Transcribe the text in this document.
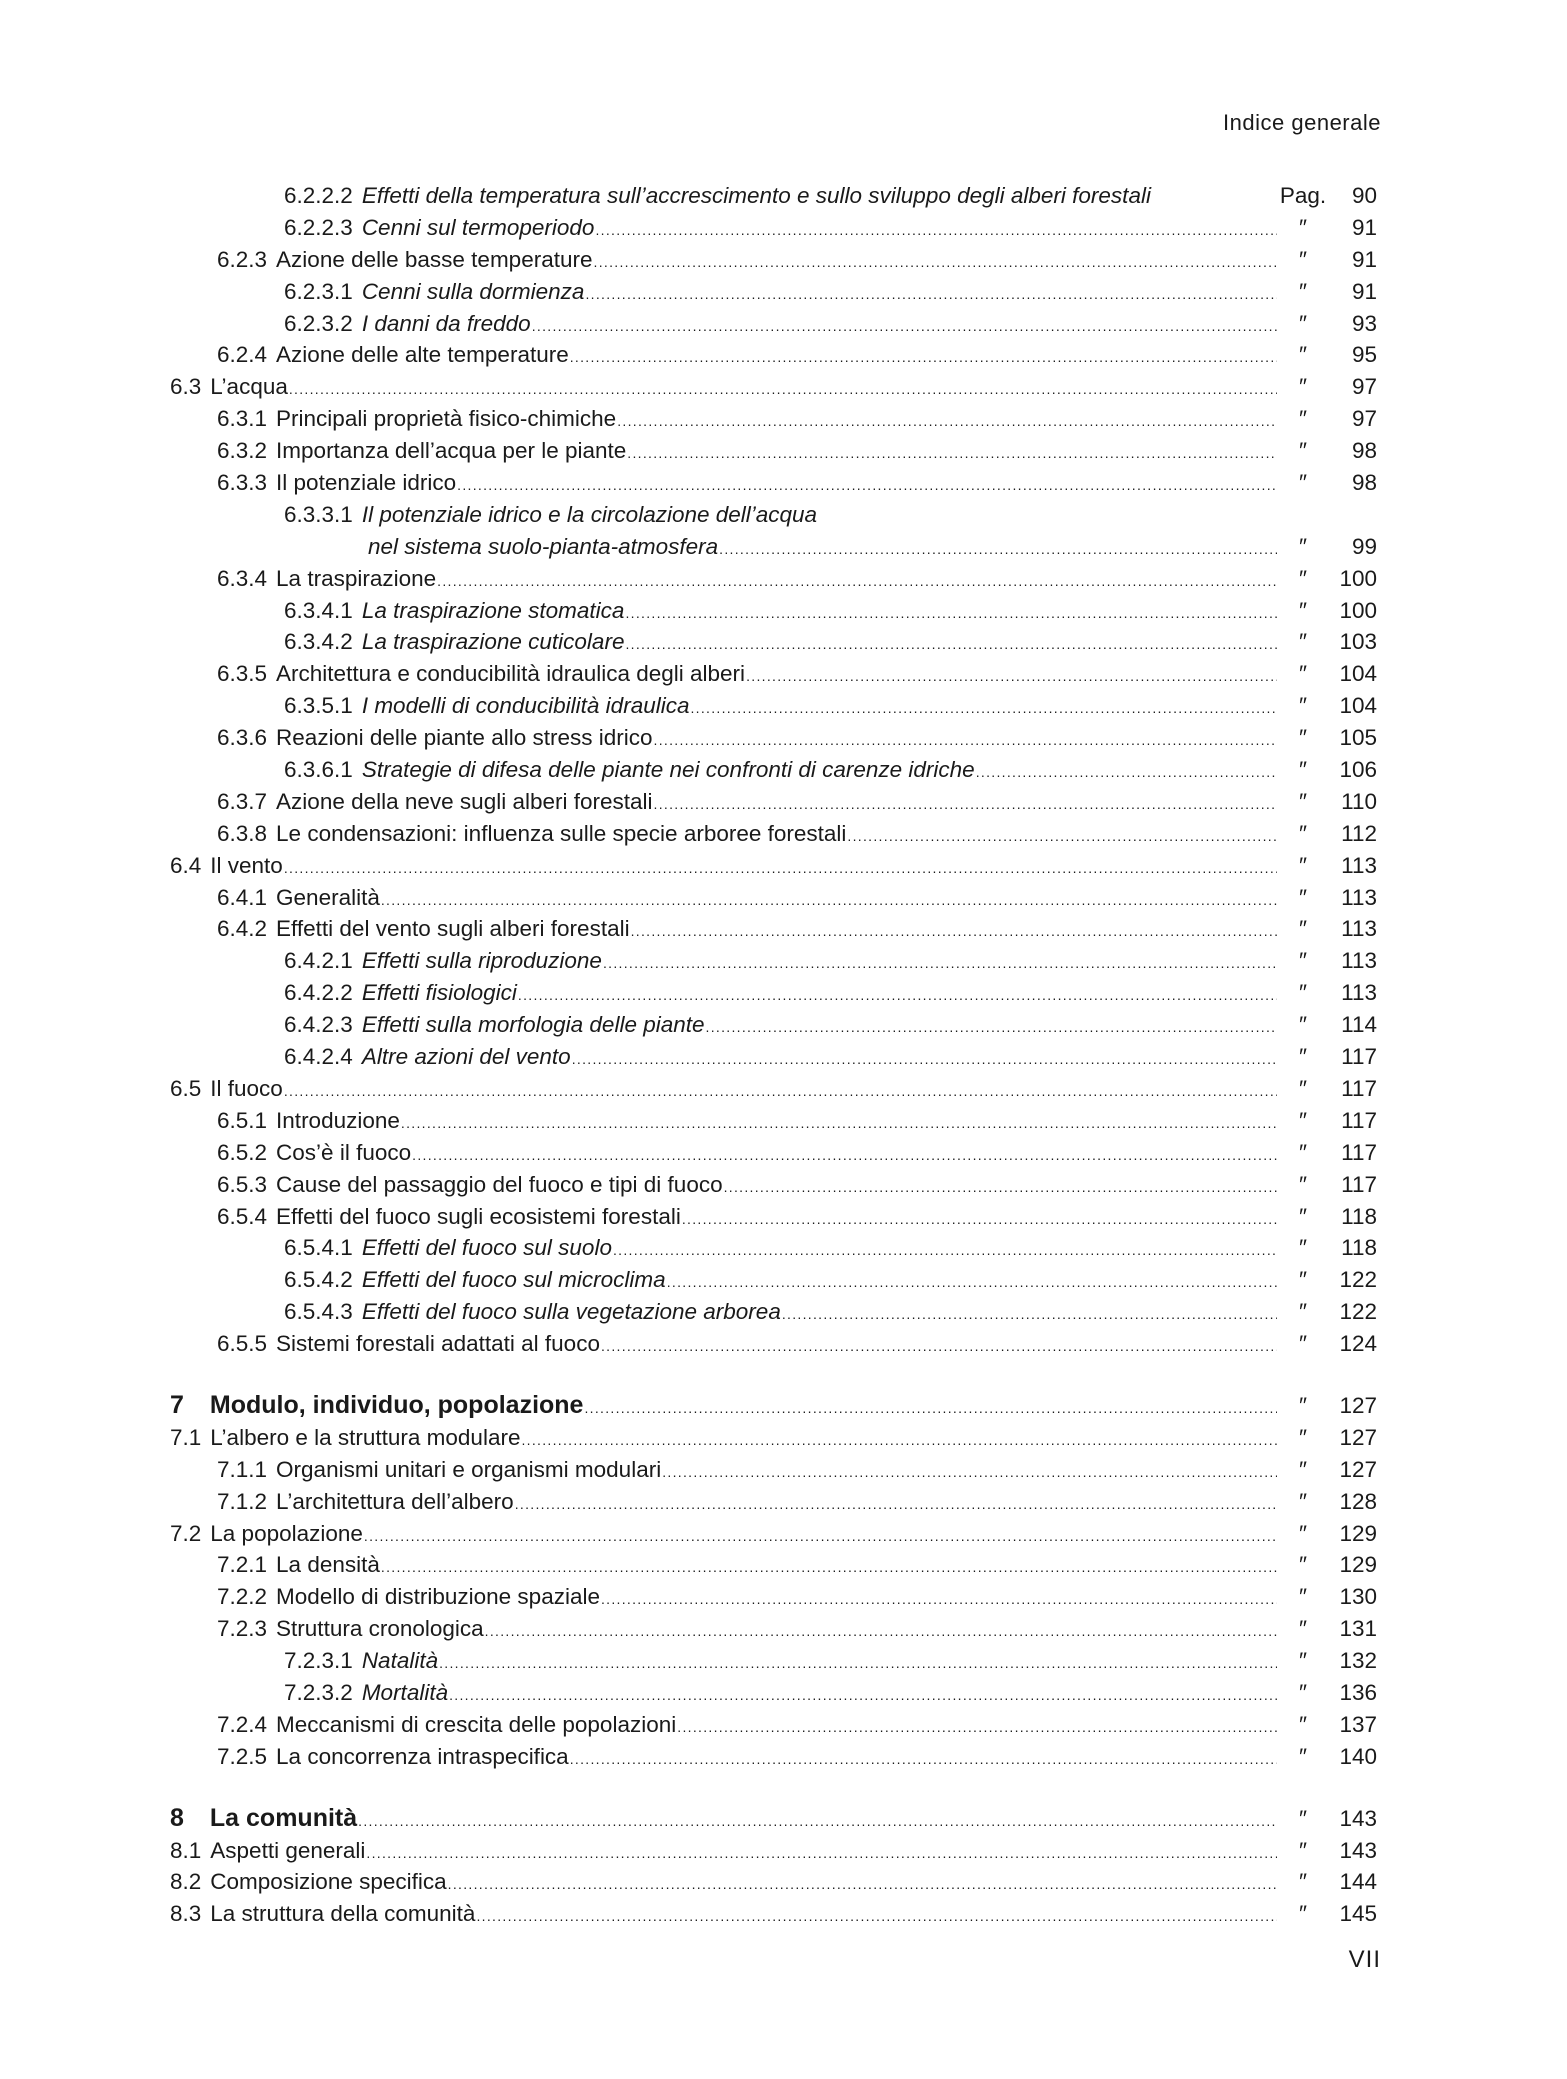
Indice generale
6.2.2.2 Effetti della temperatura sull’accrescimento e sullo sviluppo degli alberi forestali	Pag.	90
6.2.2.3 Cenni sul termoperiodo .....	″	91
6.2.3 Azione delle basse temperature .....	″	91
6.2.3.1 Cenni sulla dormienza .....	″	91
6.2.3.2 I danni da freddo .....	″	93
6.2.4 Azione delle alte temperature .....	″	95
6.3 L’acqua .....	″	97
6.3.1 Principali proprietà fisico-chimiche .....	″	97
6.3.2 Importanza dell’acqua per le piante .....	″	98
6.3.3 Il potenziale idrico .....	″	98
6.3.3.1 Il potenziale idrico e la circolazione dell’acqua
nel sistema suolo-pianta-atmosfera .....	″	99
6.3.4 La traspirazione .....	″	100
6.3.4.1 La traspirazione stomatica .....	″	100
6.3.4.2 La traspirazione cuticolare .....	″	103
6.3.5 Architettura e conducibilità idraulica degli alberi .....	″	104
6.3.5.1 I modelli di conducibilità idraulica .....	″	104
6.3.6 Reazioni delle piante allo stress idrico .....	″	105
6.3.6.1 Strategie di difesa delle piante nei confronti di carenze idriche .....	″	106
6.3.7 Azione della neve sugli alberi forestali .....	″	110
6.3.8 Le condensazioni: influenza sulle specie arboree forestali .....	″	112
6.4 Il vento .....	″	113
6.4.1 Generalità .....	″	113
6.4.2 Effetti del vento sugli alberi forestali .....	″	113
6.4.2.1 Effetti sulla riproduzione .....	″	113
6.4.2.2 Effetti fisiologici .....	″	113
6.4.2.3 Effetti sulla morfologia delle piante .....	″	114
6.4.2.4 Altre azioni del vento .....	″	117
6.5 Il fuoco .....	″	117
6.5.1 Introduzione .....	″	117
6.5.2 Cos’è il fuoco .....	″	117
6.5.3 Cause del passaggio del fuoco e tipi di fuoco .....	″	117
6.5.4 Effetti del fuoco sugli ecosistemi forestali .....	″	118
6.5.4.1 Effetti del fuoco sul suolo .....	″	118
6.5.4.2 Effetti del fuoco sul microclima .....	″	122
6.5.4.3 Effetti del fuoco sulla vegetazione arborea .....	″	122
6.5.5 Sistemi forestali adattati al fuoco .....	″	124
7 Modulo, individuo, popolazione .....	″	127
7.1 L’albero e la struttura modulare .....	″	127
7.1.1 Organismi unitari e organismi modulari .....	″	127
7.1.2 L’architettura dell’albero .....	″	128
7.2 La popolazione .....	″	129
7.2.1 La densità .....	″	129
7.2.2 Modello di distribuzione spaziale .....	″	130
7.2.3 Struttura cronologica .....	″	131
7.2.3.1 Natalità .....	″	132
7.2.3.2 Mortalità .....	″	136
7.2.4 Meccanismi di crescita delle popolazioni .....	″	137
7.2.5 La concorrenza intraspecifica .....	″	140
8 La comunità .....	″	143
8.1 Aspetti generali .....	″	143
8.2 Composizione specifica .....	″	144
8.3 La struttura della comunità .....	″	145
VII
